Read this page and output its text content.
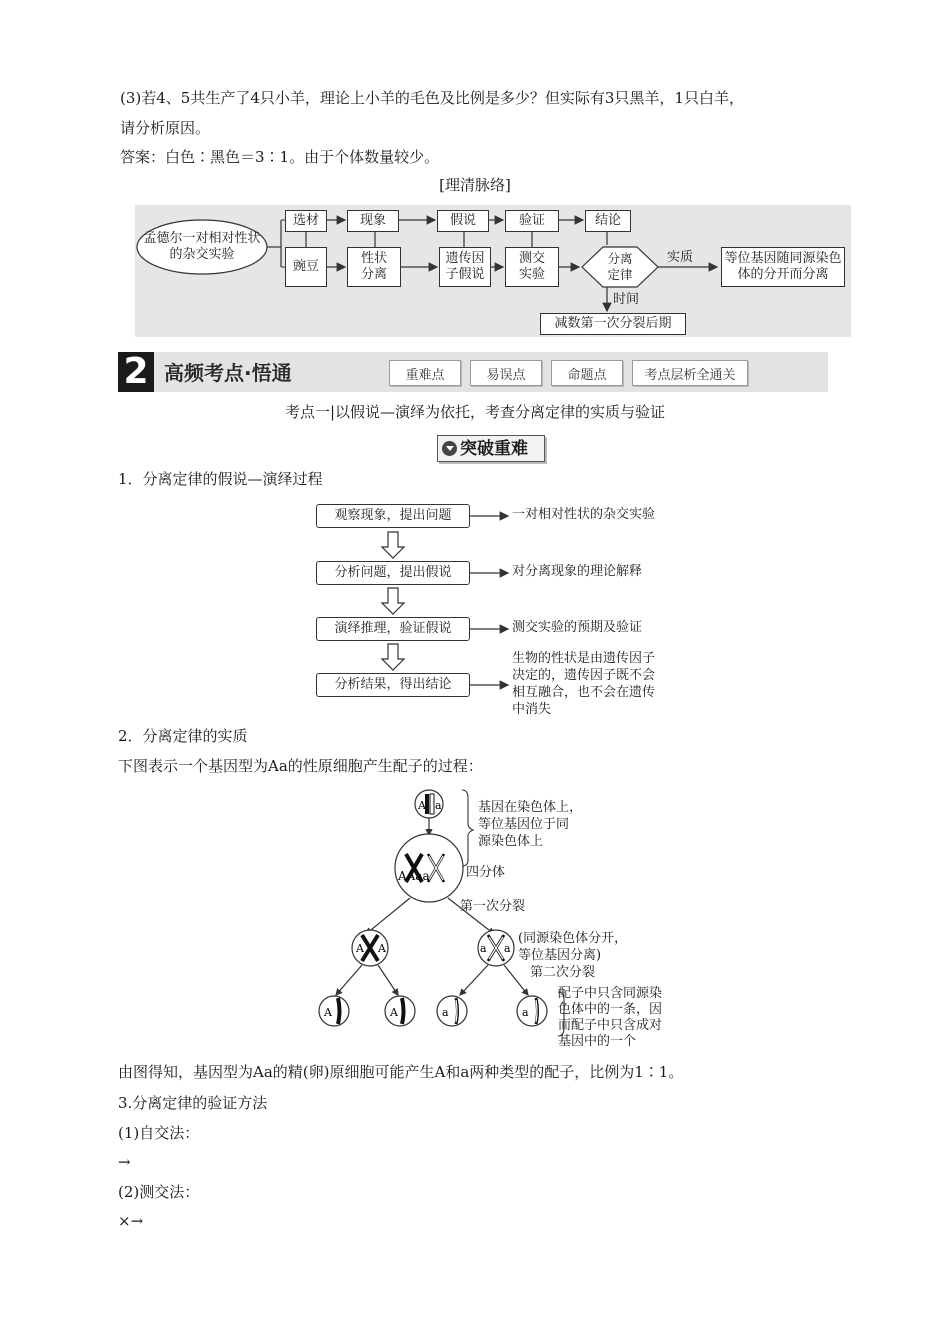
(3)若4、5共生产了4只小羊，理论上小羊的毛色及比例是多少？但实际有3只黑羊，1只白羊，
请分析原因。
答案：白色∶黑色＝3∶1。由于个体数量较少。
[理清脉络]
孟德尔一对相对性状的杂交实验
选材	现象	假说	验证	结论
豌豆
性状分离
遗传因子假说
测交实验
分离定律
实质 等位基因随同源染色体的分开而分离
时间
减数第一次分裂后期
2 高频考点·悟通	重难点	易误点	命题点	考点层析全通关
考点一|以假说—演绎为依托，考查分离定律的实质与验证
突破重难
1．分离定律的假说—演绎过程
观察现象，提出问题
分析问题，提出假说
演绎推理，验证假说
分析结果，得出结论
一对相对性状的杂交实验
对分离现象的理论解释
测交实验的预期及验证
生物的性状是由遗传因子
决定的，遗传因子既不会
相互融合，也不会在遗传
中消失
2．分离定律的实质
下图表示一个基因型为Aa的性原细胞产生配子的过程：
A a
AAaa
A A	a a
A	A	a	a
基因在染色体上，
等位基因位于同
源染色体上
四分体
第一次分裂
(同源染色体分开，
等位基因分离)
第二次分裂
配子中只含同源染
色体中的一条，因
而配子中只含成对
基因中的一个
由图得知，基因型为Aa的精(卵)原细胞可能产生A和a两种类型的配子，比例为1∶1。
3.分离定律的验证方法
(1)自交法：
→
(2)测交法：
×→
